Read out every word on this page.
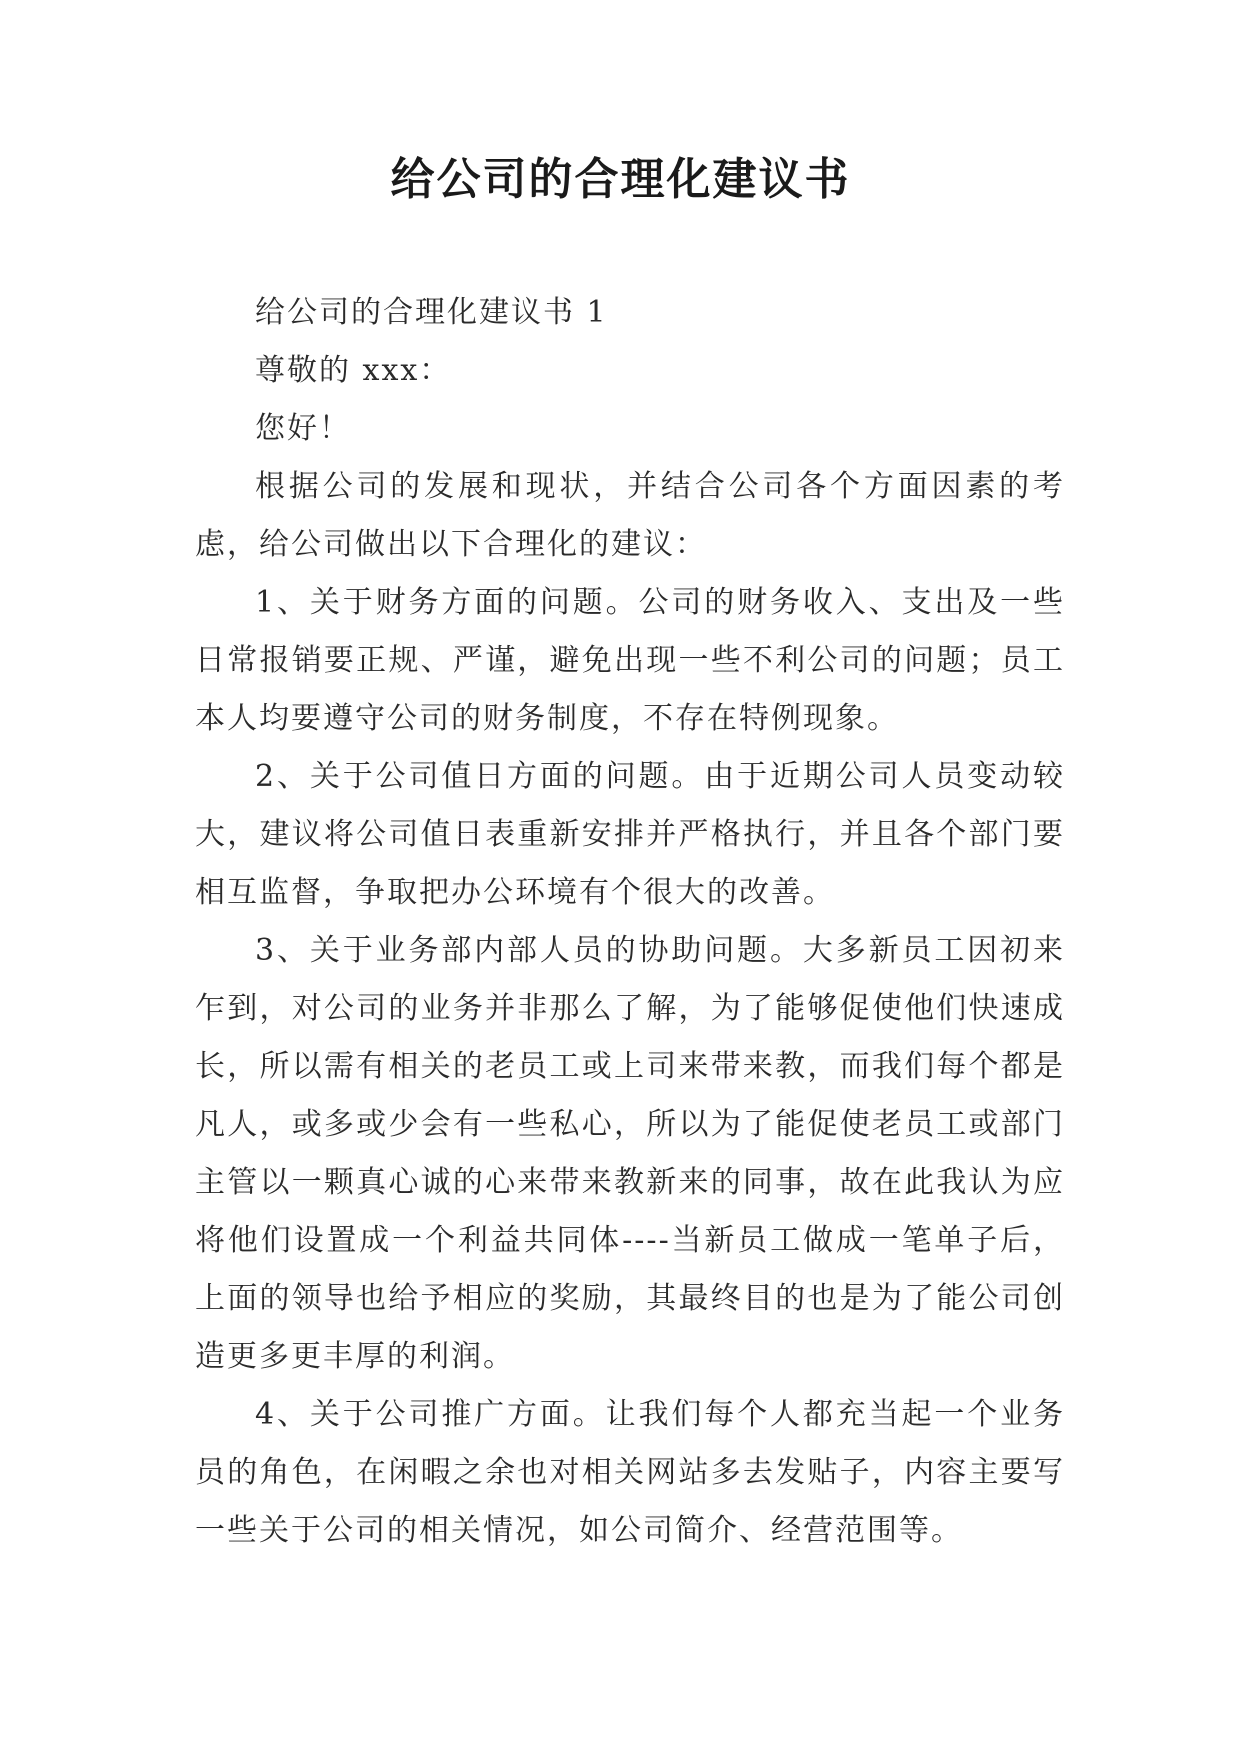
给公司的合理化建议书

给公司的合理化建议书 1

尊敬的 xxx：

您好！

根据公司的发展和现状，并结合公司各个方面因素的考虑，给公司做出以下合理化的建议：

1、关于财务方面的问题。公司的财务收入、支出及一些日常报销要正规、严谨，避免出现一些不利公司的问题；员工本人均要遵守公司的财务制度，不存在特例现象。

2、关于公司值日方面的问题。由于近期公司人员变动较大，建议将公司值日表重新安排并严格执行，并且各个部门要相互监督，争取把办公环境有个很大的改善。

3、关于业务部内部人员的协助问题。大多新员工因初来乍到，对公司的业务并非那么了解，为了能够促使他们快速成长，所以需有相关的老员工或上司来带来教，而我们每个都是凡人，或多或少会有一些私心，所以为了能促使老员工或部门主管以一颗真心诚的心来带来教新来的同事，故在此我认为应将他们设置成一个利益共同体----当新员工做成一笔单子后，上面的领导也给予相应的奖励，其最终目的也是为了能公司创造更多更丰厚的利润。

4、关于公司推广方面。让我们每个人都充当起一个业务员的角色，在闲暇之余也对相关网站多去发贴子，内容主要写一些关于公司的相关情况，如公司简介、经营范围等。
